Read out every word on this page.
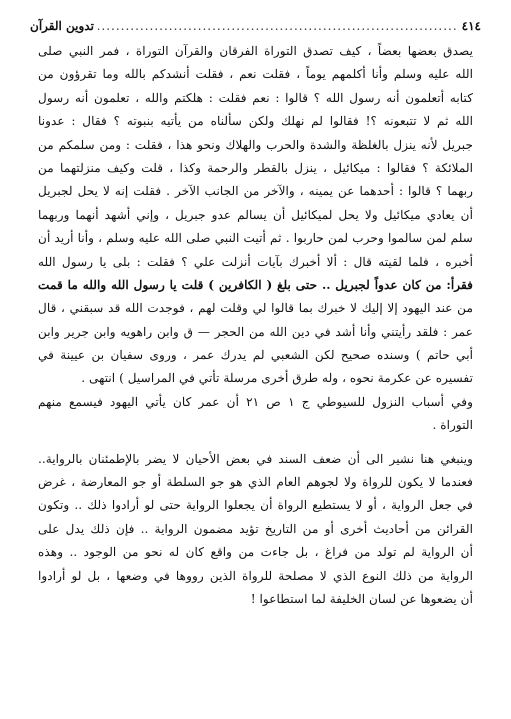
٤١٤
.....
تدوين القرآن
يصدق بعضها بعضاً ، كيف تصدق التوراة الفرقان والقرآن التوراة ، فمر النبي صلى
الله عليه وسلم وأنا أكلمهم يوماً ، فقلت نعم ، فقلت أنشدكم بالله وما تقرؤون من
كتابه أتعلمون أنه رسول الله ؟ قالوا : نعم فقلت : هلكتم والله ، تعلمون أنه رسول
الله ثم لا تتبعونه ؟! فقالوا لم نهلك ولكن سألناه من يأتيه بنبوته ؟ فقال : عدونا
جبريل لأنه ينزل بالغلظة والشدة والحرب والهلاك ونحو هذا ، فقلت : ومن سلمكم من
الملائكة ؟ فقالوا : ميكائيل ، ينزل بالقطر والرحمة وكذا ، قلت وكيف منزلتهما من
ربهما ؟ قالوا : أحدهما عن يمينه ، والآخر من الجانب الآخر . فقلت إنه لا يحل لجبريل
أن يعادي ميكائيل ولا يحل لميكائيل أن يسالم عدو جبريل ، وإني أشهد أنهما وربهما
سلم لمن سالموا وحرب لمن حاربوا . ثم أتيت النبي صلى الله عليه وسلم ، وأنا أريد أن
أخبره ، فلما لقيته قال : ألا أخبرك بآيات أنزلت علي ؟ فقلت : بلى يا رسول الله
فقرأ: من كان عدواً لجبريل .. حتى بلغ ( الكافرين ) قلت يا رسول الله والله ما قمت
من عند اليهود إلا إليك لا خبرك بما قالوا لي وقلت لهم ، فوجدت الله قد سبقني ، قال
عمر : فلقد رأيتني وأنا أشد في دين الله من الحجر — ق وابن راهويه وابن جرير وابن
أبي حاتم ) وسنده صحيح لكن الشعبي لم يدرك عمر ، وروى سفيان بن عيينة في
تفسيره عن عكرمة نحوه ، وله طرق أخرى مرسلة تأتي في المراسيل ) انتهى .
وفي أسباب النزول للسيوطي ج ١ ص ٢١ أن عمر كان يأتي اليهود فيسمع منهم
التوراة .
وينبغي هنا نشير الى أن ضعف السند في بعض الأحيان لا يضر بالإطمئنان بالرواية..
فعندما لا يكون للرواة ولا لجوهم العام الذي هو جو السلطة أو جو المعارضة ، غرض
في جعل الرواية ، أو لا يستطيع الرواة أن يجعلوا الرواية حتى لو أرادوا ذلك .. وتكون
القرائن من أحاديث أخرى أو من التاريخ تؤيد مضمون الرواية .. فإن ذلك يدل على
أن الرواية لم تولد من فراغ ، بل جاءت من واقع كان له نحو من الوجود .. وهذه
الرواية من ذلك النوع الذي لا مصلحة للرواة الذين رووها في وضعها ، بل لو أرادوا
أن يضعوها عن لسان الخليفة لما استطاعوا !
